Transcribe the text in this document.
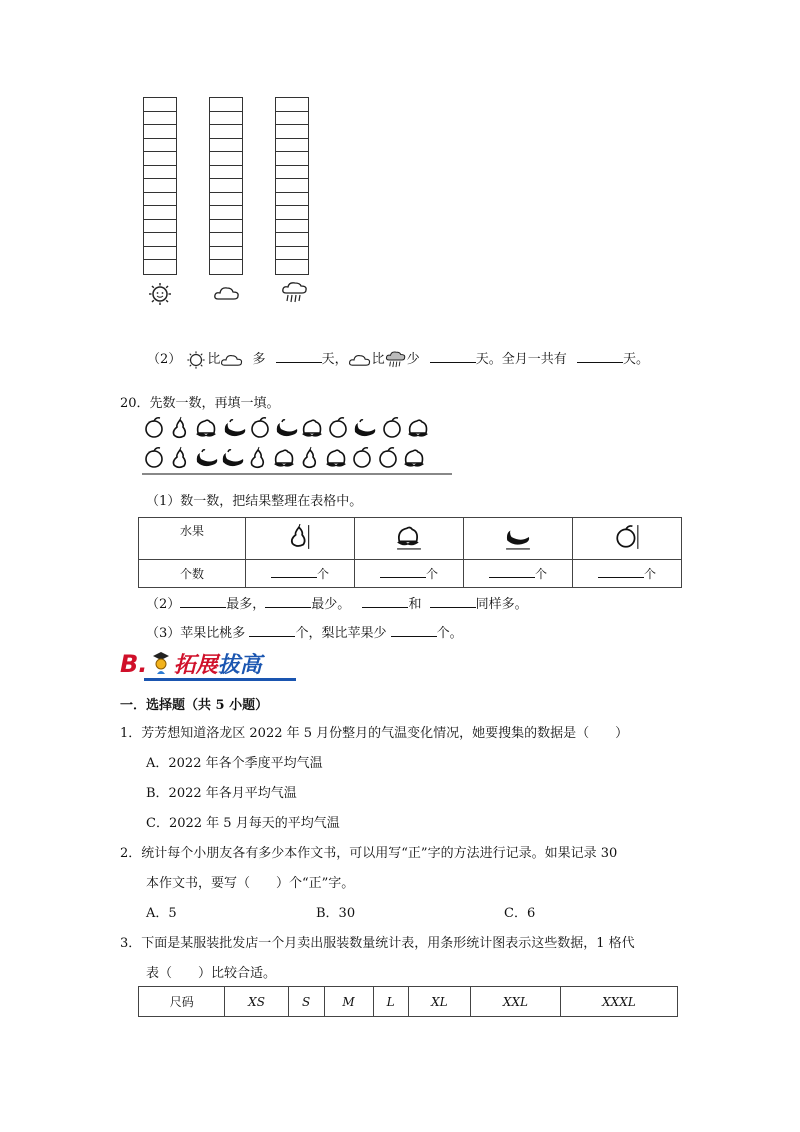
（2） 比 多	天， 比 少	天。全月一共有	天。
20．先数一数，再填一填。
（1）数一数，把结果整理在表格中。
水果				
个数	个	个	个	个
（2）	最多，	最少。	和	同样多。
（3）苹果比桃多	个，梨比苹果少	个。
B. 拓展拔高
一．选择题（共 5 小题）
1．芳芳想知道洛龙区 2022 年 5 月份整月的气温变化情况，她要搜集的数据是（　　）
A．2022 年各个季度平均气温
B．2022 年各月平均气温
C．2022 年 5 月每天的平均气温
2．统计每个小朋友各有多少本作文书，可以用写“正”字的方法进行记录。如果记录 30
本作文书，要写（　　）个“正”字。
A．5	B．30	C．6
3．下面是某服装批发店一个月卖出服装数量统计表，用条形统计图表示这些数据，1 格代
表（　　）比较合适。
尺码	XS	S	M	L	XL	XXL	XXXL
